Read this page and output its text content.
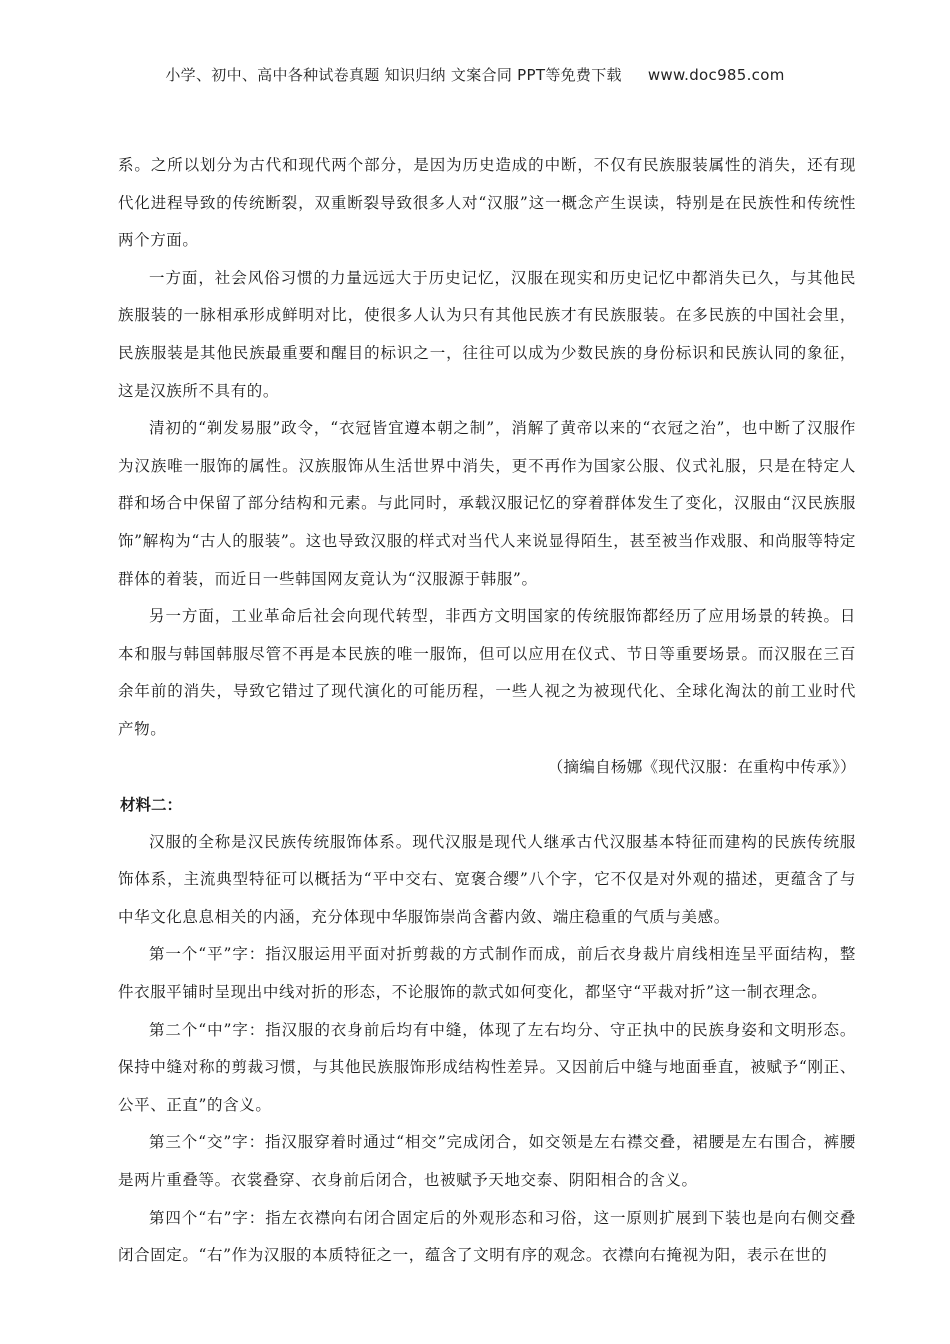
小学、初中、高中各种试卷真题 知识归纳 文案合同 PPT等免费下载 www.doc985.com

系。之所以划分为古代和现代两个部分，是因为历史造成的中断，不仅有民族服装属性的消失，还有现代化进程导致的传统断裂，双重断裂导致很多人对“汉服”这一概念产生误读，特别是在民族性和传统性两个方面。

一方面，社会风俗习惯的力量远远大于历史记忆，汉服在现实和历史记忆中都消失已久，与其他民族服装的一脉相承形成鲜明对比，使很多人认为只有其他民族才有民族服装。在多民族的中国社会里，民族服装是其他民族最重要和醒目的标识之一，往往可以成为少数民族的身份标识和民族认同的象征，这是汉族所不具有的。

清初的“剃发易服”政令，“衣冠皆宜遵本朝之制”，消解了黄帝以来的“衣冠之治”，也中断了汉服作为汉族唯一服饰的属性。汉族服饰从生活世界中消失，更不再作为国家公服、仪式礼服，只是在特定人群和场合中保留了部分结构和元素。与此同时，承载汉服记忆的穿着群体发生了变化，汉服由“汉民族服饰”解构为“古人的服装”。这也导致汉服的样式对当代人来说显得陌生，甚至被当作戏服、和尚服等特定群体的着装，而近日一些韩国网友竟认为“汉服源于韩服”。

另一方面，工业革命后社会向现代转型，非西方文明国家的传统服饰都经历了应用场景的转换。日本和服与韩国韩服尽管不再是本民族的唯一服饰，但可以应用在仪式、节日等重要场景。而汉服在三百余年前的消失，导致它错过了现代演化的可能历程，一些人视之为被现代化、全球化淘汰的前工业时代产物。

（摘编自杨娜《现代汉服：在重构中传承》）

材料二：

汉服的全称是汉民族传统服饰体系。现代汉服是现代人继承古代汉服基本特征而建构的民族传统服饰体系，主流典型特征可以概括为“平中交右、宽褒合缨”八个字，它不仅是对外观的描述，更蕴含了与中华文化息息相关的内涵，充分体现中华服饰崇尚含蓄内敛、端庄稳重的气质与美感。

第一个“平”字：指汉服运用平面对折剪裁的方式制作而成，前后衣身裁片肩线相连呈平面结构，整件衣服平铺时呈现出中线对折的形态，不论服饰的款式如何变化，都坚守“平裁对折”这一制衣理念。

第二个“中”字：指汉服的衣身前后均有中缝，体现了左右均分、守正执中的民族身姿和文明形态。保持中缝对称的剪裁习惯，与其他民族服饰形成结构性差异。又因前后中缝与地面垂直，被赋予“刚正、公平、正直”的含义。

第三个“交”字：指汉服穿着时通过“相交”完成闭合，如交领是左右襟交叠，裙腰是左右围合，裤腰是两片重叠等。衣裳叠穿、衣身前后闭合，也被赋予天地交泰、阴阳相合的含义。

第四个“右”字：指左衣襟向右闭合固定后的外观形态和习俗，这一原则扩展到下装也是向右侧交叠闭合固定。“右”作为汉服的本质特征之一，蕴含了文明有序的观念。衣襟向右掩视为阳，表示在世的
